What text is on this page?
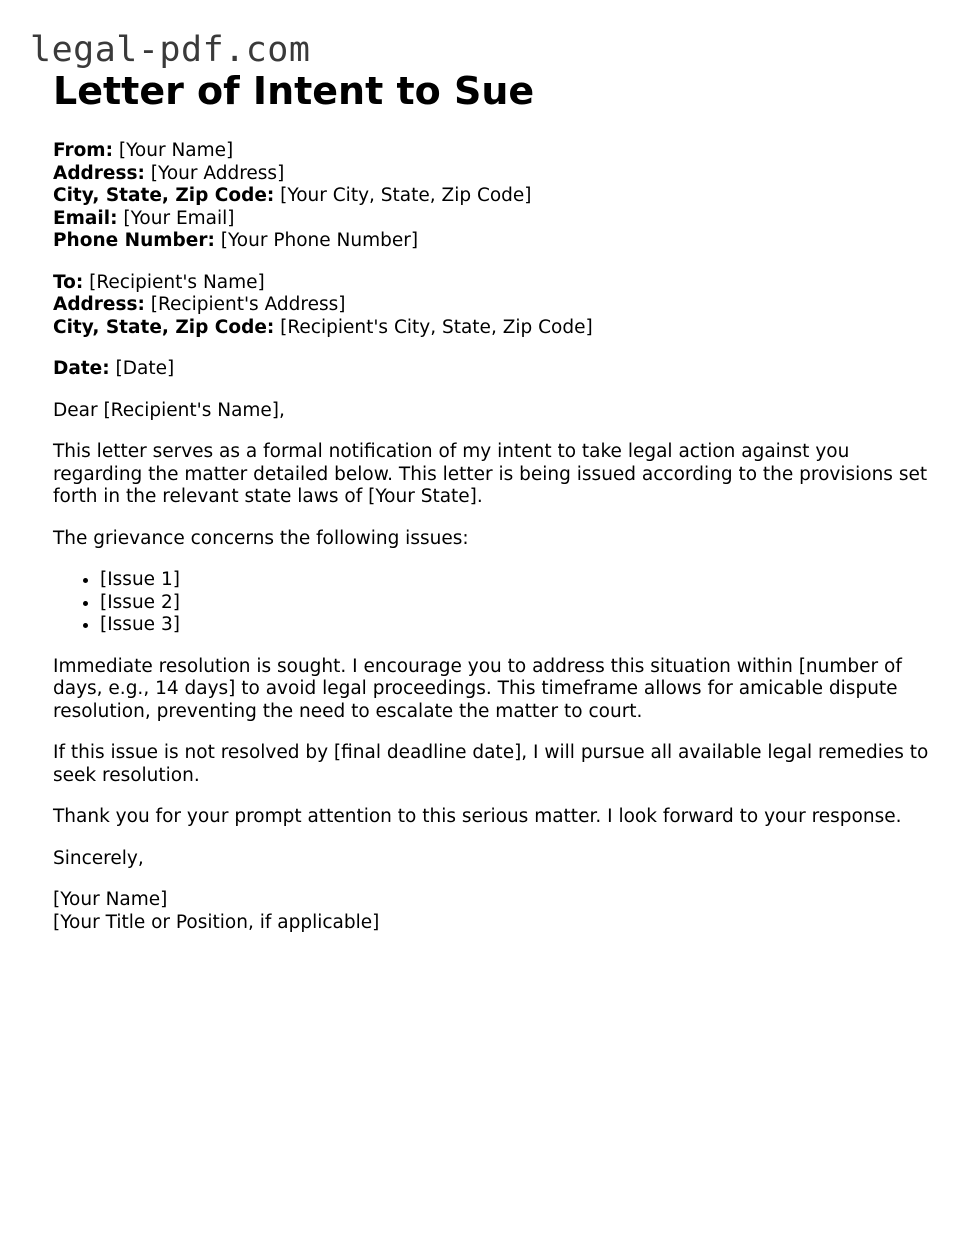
legal-pdf.com
Letter of Intent to Sue
From: [Your Name]
Address: [Your Address]
City, State, Zip Code: [Your City, State, Zip Code]
Email: [Your Email]
Phone Number: [Your Phone Number]
To: [Recipient's Name]
Address: [Recipient's Address]
City, State, Zip Code: [Recipient's City, State, Zip Code]
Date: [Date]

Dear [Recipient's Name],

This letter serves as a formal notification of my intent to take legal action against you regarding the matter detailed below. This letter is being issued according to the provisions set forth in the relevant state laws of [Your State].

The grievance concerns the following issues:

• [Issue 1]
• [Issue 2]
• [Issue 3]

Immediate resolution is sought. I encourage you to address this situation within [number of days, e.g., 14 days] to avoid legal proceedings. This timeframe allows for amicable dispute resolution, preventing the need to escalate the matter to court.

If this issue is not resolved by [final deadline date], I will pursue all available legal remedies to seek resolution.

Thank you for your prompt attention to this serious matter. I look forward to your response.

Sincerely,

[Your Name]
[Your Title or Position, if applicable]
